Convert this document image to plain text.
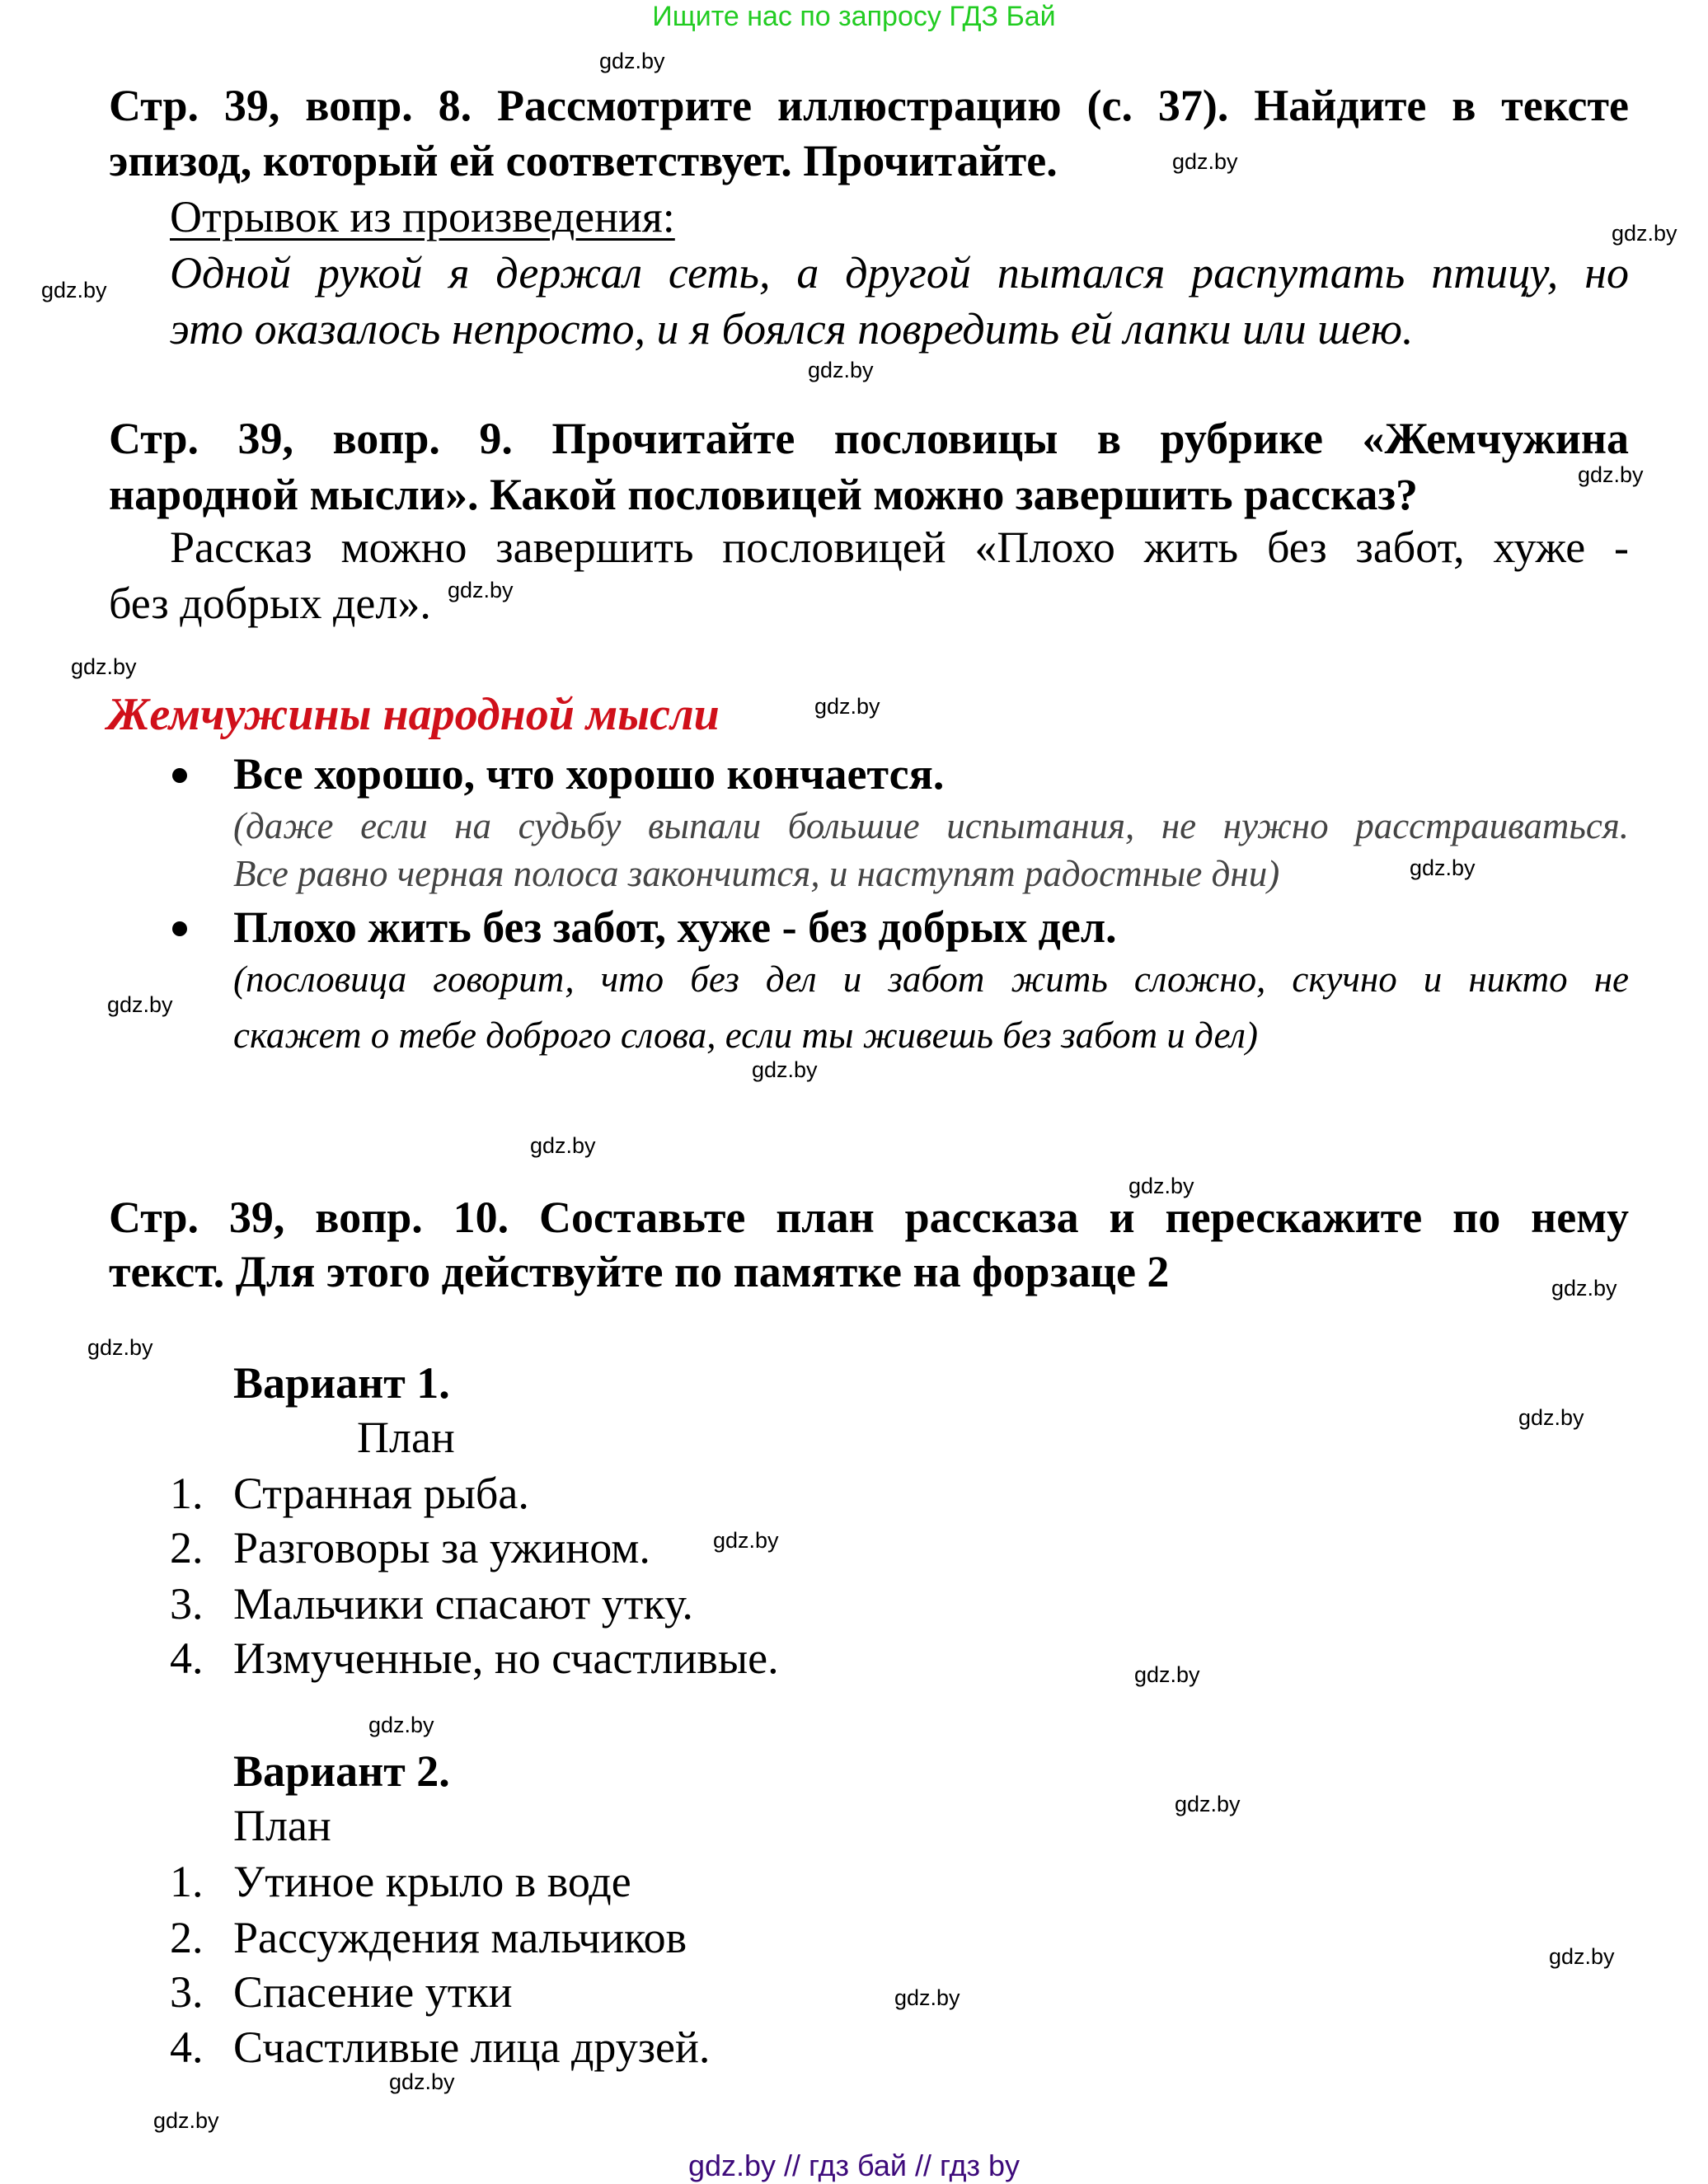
Ищите нас по запросу ГДЗ Бай
Стр. 39, вопр. 8. Рассмотрите иллюстрацию (с. 37). Найдите в тексте
эпизод, который ей соответствует. Прочитайте.
Отрывок из произведения:
Одной рукой я держал сеть, а другой пытался распутать птицу, но
это оказалось непросто, и я боялся повредить ей лапки или шею.
Стр. 39, вопр. 9. Прочитайте пословицы в рубрике «Жемчужина
народной мысли». Какой пословицей можно завершить рассказ?
Рассказ можно завершить пословицей «Плохо жить без забот, хуже -
без добрых дел».
Жемчужины народной мысли
Все хорошо, что хорошо кончается.
(даже если на судьбу выпали большие испытания, не нужно расстраиваться.
Все равно черная полоса закончится, и наступят радостные дни)
Плохо жить без забот, хуже - без добрых дел.
(пословица говорит, что без дел и забот жить сложно, скучно и никто не
скажет о тебе доброго слова, если ты живешь без забот и дел)
Стр. 39, вопр. 10. Составьте план рассказа и перескажите по нему
текст. Для этого действуйте по памятке на форзаце 2
Вариант 1.
План
1. Странная рыба.
2. Разговоры за ужином.
3. Мальчики спасают утку.
4. Измученные, но счастливые.
Вариант 2.
План
1. Утиное крыло в воде
2. Рассуждения мальчиков
3. Спасение утки
4. Счастливые лица друзей.
gdz.by
gdz.by
gdz.by
gdz.by
gdz.by
gdz.by
gdz.by
gdz.by
gdz.by
gdz.by
gdz.by
gdz.by
gdz.by
gdz.by
gdz.by
gdz.by
gdz.by
gdz.by
gdz.by
gdz.by
gdz.by
gdz.by
gdz.by
gdz.by
gdz.by
gdz.by // гдз бай // гдз by
